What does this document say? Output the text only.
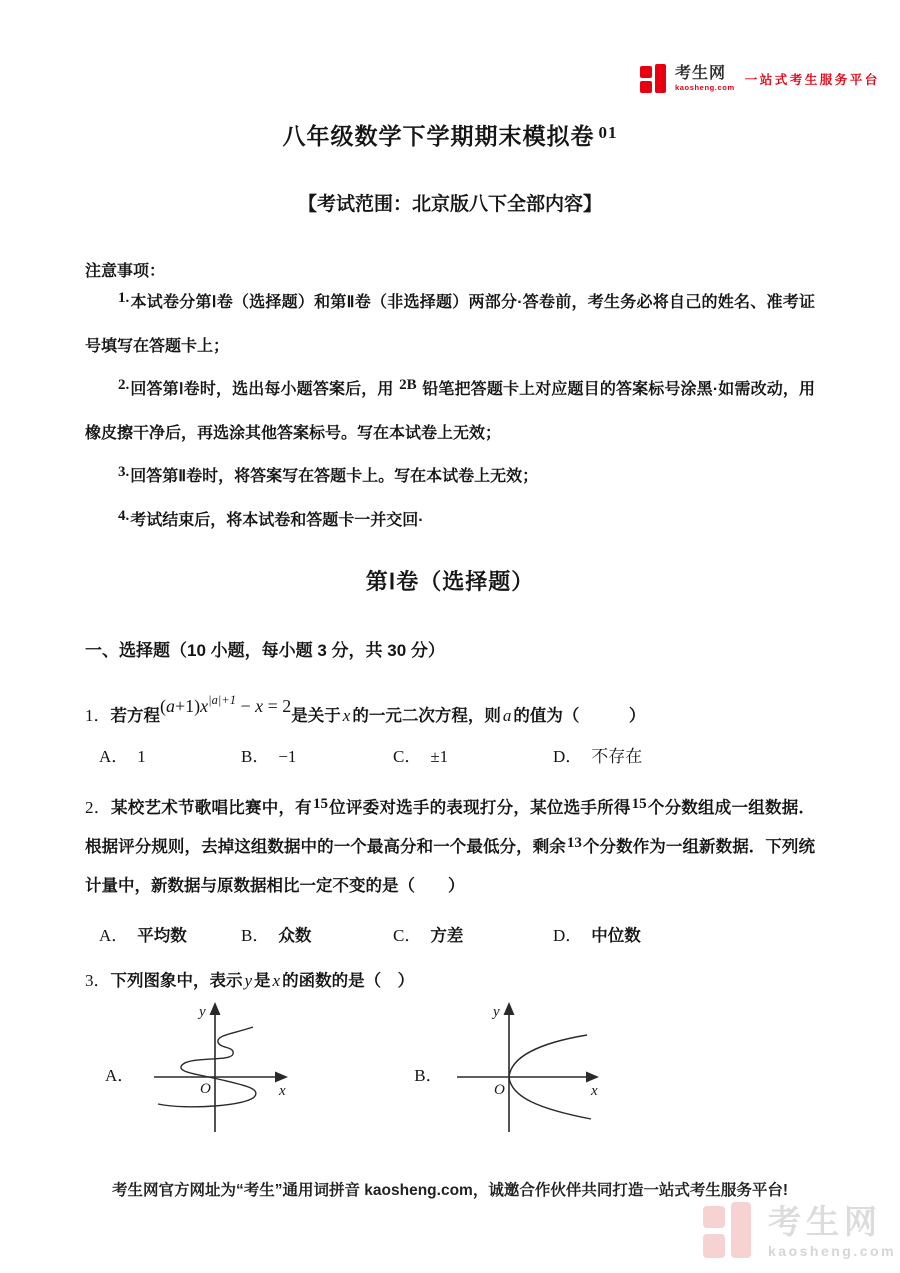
考生网
kaosheng.com
一站式考生服务平台
八年级数学下学期期末模拟卷 $^{01}$
【考试范围：北京版八下全部内容】
注意事项：

1.本试卷分第Ⅰ卷（选择题）和第Ⅱ卷（非选择题）两部分·答卷前，考生务必将自己的姓名、准考证号填写在答题卡上；

2.回答第Ⅰ卷时，选出每小题答案后，用 2B 铅笔把答题卡上对应题目的答案标号涂黑·如需改动，用橡皮擦干净后，再选涂其他答案标号。写在本试卷上无效；

3.回答第Ⅱ卷时，将答案写在答题卡上。写在本试卷上无效；

4.考试结束后，将本试卷和答题卡一并交回·

第Ⅰ卷（选择题）
一、选择题（10 小题，每小题 3 分，共 30 分）

1．若方程$(a+1)x^{|a|+1} - x = 2$是关于 x 的一元二次方程，则 a 的值为（　　　）

A． 1	B． −1	C． ±1	D． 不存在

2．某校艺术节歌唱比赛中，有15位评委对选手的表现打分，某位选手所得15个分数组成一组数据．根据评分规则，去掉这组数据中的一个最高分和一个最低分，剩余13个分数作为一组新数据．下列统计量中，新数据与原数据相比一定不变的是（　　）

A． 平均数	B． 众数	C． 方差	D． 中位数

3．下列图象中，表示 y 是 x 的函数的是（　）

A．
y
x
O
B．
y
x
O
考生网官方网址为“考生”通用词拼音 kaosheng.com，诚邀合作伙伴共同打造一站式考生服务平台!
考生网
kaosheng.com
